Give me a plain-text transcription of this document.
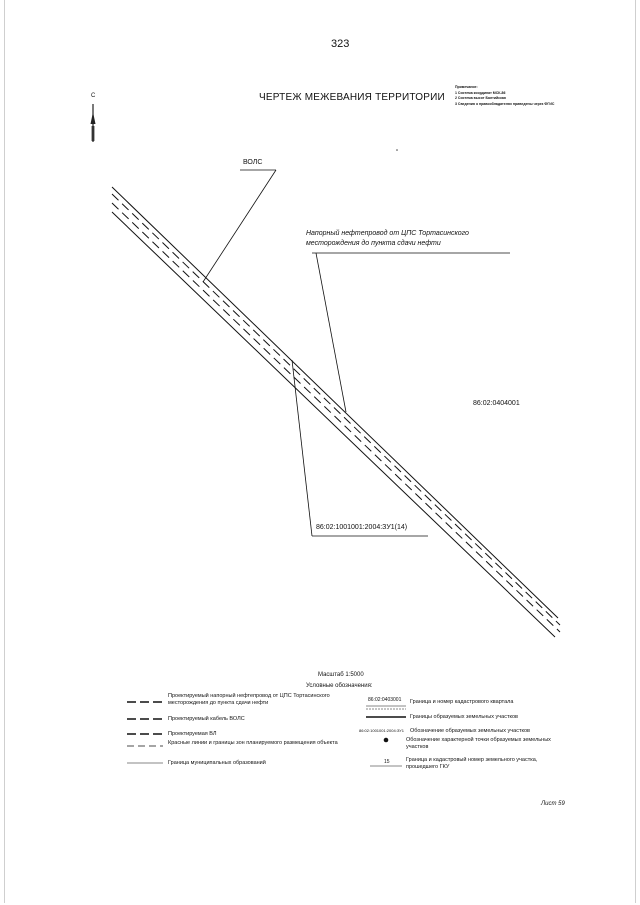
323
ЧЕРТЕЖ МЕЖЕВАНИЯ ТЕРРИТОРИИ
Примечание:
1 Система координат МСК-86
2 Система высот Балтийская
3 Сведения о правообладателях приведены через ФГИС
С
ВОЛС
Напорный нефтепровод от ЦПС Тортасинского месторождения до пункта сдачи нефти
86:02:0404001
86:02:1001001:2004:ЗУ1(14)
Масштаб 1:5000
Условные обозначения:
Проектируемый напорный нефтепровод от ЦПС Тортасинского месторождения до пункта сдачи нефти
Проектируемый кабель ВОЛС
Проектируемая ВЛ
Красные линии и границы зон планируемого размещения объекта
Граница муниципальных образований
86:02:0403001
86:02:1001001:2004:ЗУ1
15
Граница и номер кадастрового квартала
Границы образуемых земельных участков
Обозначение образуемых земельных участков
Обозначение характерной точки образуемых земельных участков
Граница и кадастровый номер земельного участка, прошедшего ГКУ
Лист 59
